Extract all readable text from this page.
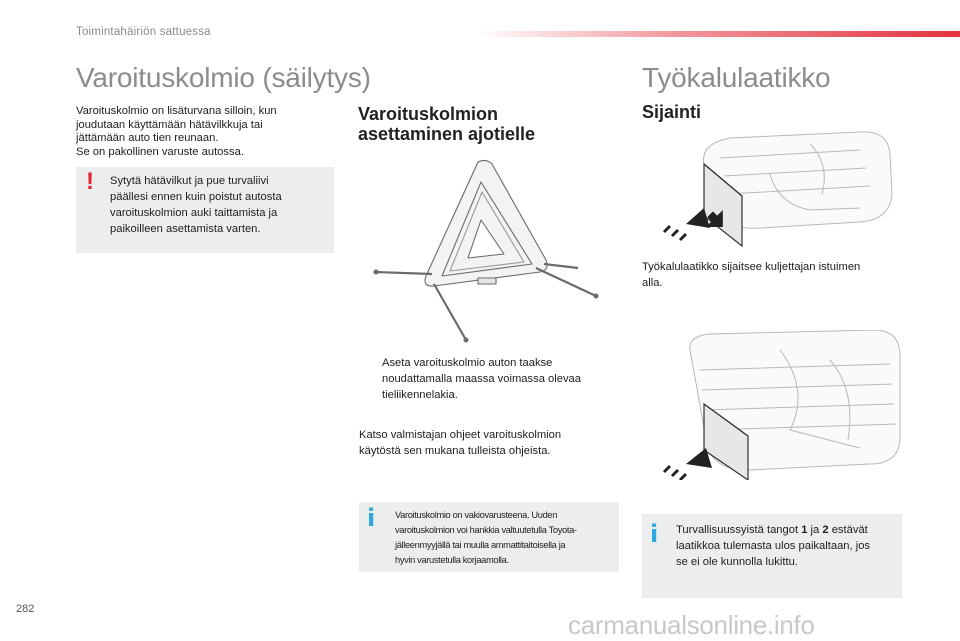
Toimintahäiriön sattuessa
Varoituskolmio (säilytys)
Varoituskolmio on lisäturvana silloin, kun
joudutaan käyttämään hätävilkkuja tai
jättämään auto tien reunaan.
Se on pakollinen varuste autossa.
! Sytytä hätävilkut ja pue turvaliivi
päällesi ennen kuin poistut autosta
varoituskolmion auki taittamista ja
paikoilleen asettamista varten.
Varoituskolmion
asettaminen ajotielle
Aseta varoituskolmio auton taakse
noudattamalla maassa voimassa olevaa
tieliikennelakia.
Katso valmistajan ohjeet varoituskolmion
käytöstä sen mukana tulleista ohjeista.
i Varoituskolmio on vakiovarusteena. Uuden
varoituskolmion voi hankkia valtuutetulla Toyota-
jälleenmyyjällä tai muulla ammattitaitoisella ja
hyvin varustetulla korjaamolla.
Työkalulaatikko
Sijainti
Työkalulaatikko sijaitsee kuljettajan istuimen
alla.
i Turvallisuussyistä tangot 1 ja 2 estävät
laatikkoa tulemasta ulos paikaltaan, jos
se ei ole kunnolla lukittu.
282
carmanualsonline.info
